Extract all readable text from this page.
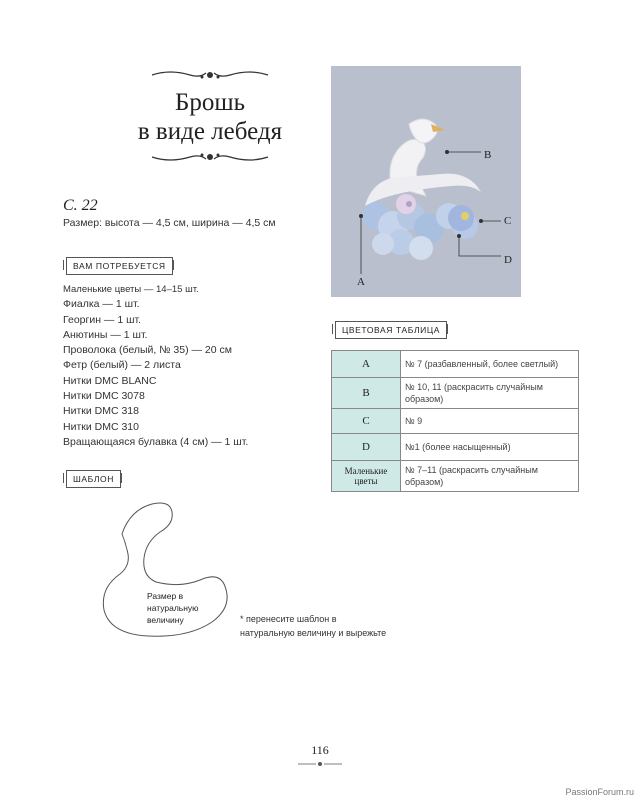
Брошь
в виде лебедя
С. 22
Размер: высота — 4,5 см, ширина — 4,5 см
ВАМ ПОТРЕБУЕТСЯ
Маленькие цветы — 14–15 шт.
Фиалка — 1 шт.
Георгин — 1 шт.
Анютины — 1 шт.
Проволока (белый, № 35) — 20 см
Фетр (белый) — 2 листа
Нитки DMC BLANC
Нитки DMC 3078
Нитки DMC 318
Нитки DMC 310
Вращающаяся булавка (4 см) — 1 шт.
B
C
D
A
ЦВЕТОВАЯ ТАБЛИЦА
A	№ 7 (разбавленный, более светлый)
B	№ 10, 11 (раскрасить случайным образом)
C	№ 9
D	№1 (более насыщенный)
Маленькие цветы	№ 7–11 (раскрасить случайным образом)
ШАБЛОН
Размер в натуральную величину	* перенесите шаблон в натуральную величину и вырежьте
116
PassionForum.ru
